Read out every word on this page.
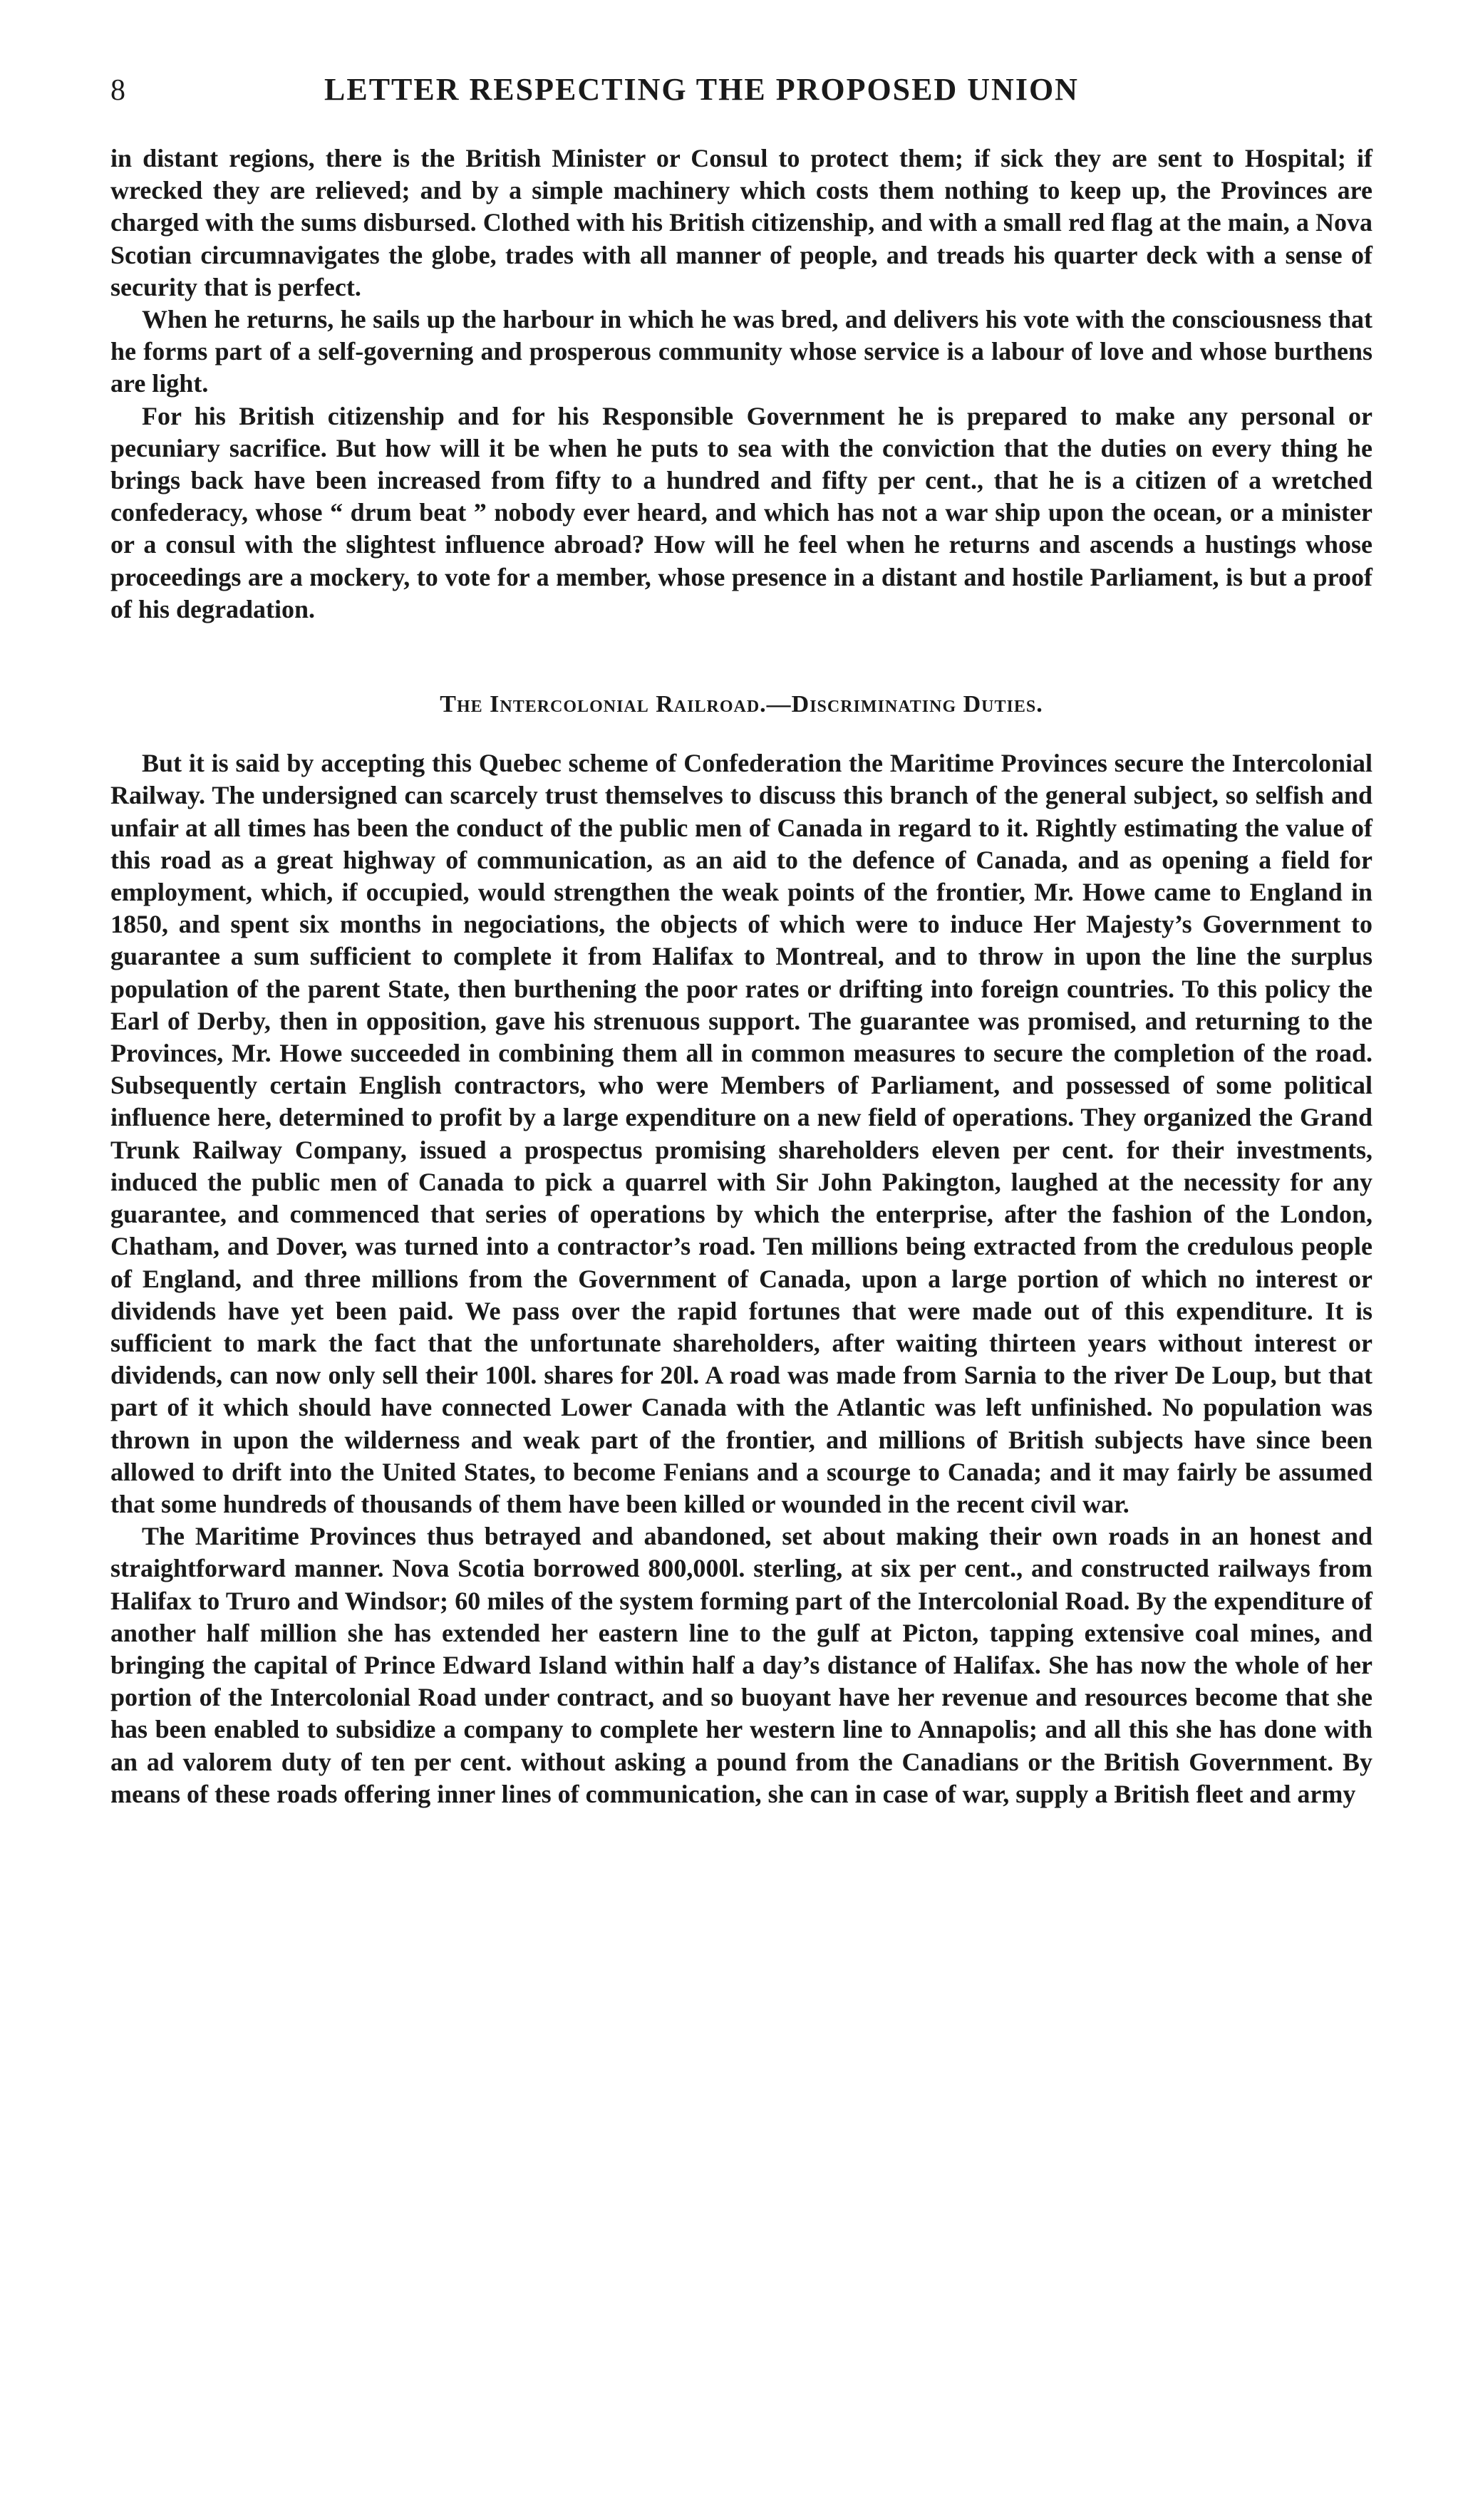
8	LETTER RESPECTING THE PROPOSED UNION

in distant regions, there is the British Minister or Consul to protect them; if sick they are sent to Hospital; if wrecked they are relieved; and by a simple machinery which costs them nothing to keep up, the Provinces are charged with the sums disbursed. Clothed with his British citizenship, and with a small red flag at the main, a Nova Scotian circumnavigates the globe, trades with all manner of people, and treads his quarter deck with a sense of security that is perfect.

When he returns, he sails up the harbour in which he was bred, and delivers his vote with the consciousness that he forms part of a self-governing and prosperous community whose service is a labour of love and whose burthens are light.

For his British citizenship and for his Responsible Government he is prepared to make any personal or pecuniary sacrifice. But how will it be when he puts to sea with the conviction that the duties on every thing he brings back have been increased from fifty to a hundred and fifty per cent., that he is a citizen of a wretched confederacy, whose “ drum beat ” nobody ever heard, and which has not a war ship upon the ocean, or a minister or a consul with the slightest influence abroad? How will he feel when he returns and ascends a hustings whose proceedings are a mockery, to vote for a member, whose presence in a distant and hostile Parliament, is but a proof of his degradation.

The Intercolonial Railroad.—Discriminating Duties.

But it is said by accepting this Quebec scheme of Confederation the Maritime Provinces secure the Intercolonial Railway. The undersigned can scarcely trust themselves to discuss this branch of the general subject, so selfish and unfair at all times has been the conduct of the public men of Canada in regard to it. Rightly estimating the value of this road as a great highway of communication, as an aid to the defence of Canada, and as opening a field for employment, which, if occupied, would strengthen the weak points of the frontier, Mr. Howe came to England in 1850, and spent six months in negociations, the objects of which were to induce Her Majesty’s Government to guarantee a sum sufficient to complete it from Halifax to Montreal, and to throw in upon the line the surplus population of the parent State, then burthening the poor rates or drifting into foreign countries. To this policy the Earl of Derby, then in opposition, gave his strenuous support. The guarantee was promised, and returning to the Provinces, Mr. Howe succeeded in combining them all in common measures to secure the completion of the road. Subsequently certain English contractors, who were Members of Parliament, and possessed of some political influence here, determined to profit by a large expenditure on a new field of operations. They organized the Grand Trunk Railway Company, issued a prospectus promising shareholders eleven per cent. for their investments, induced the public men of Canada to pick a quarrel with Sir John Pakington, laughed at the necessity for any guarantee, and commenced that series of operations by which the enterprise, after the fashion of the London, Chatham, and Dover, was turned into a contractor’s road. Ten millions being extracted from the credulous people of England, and three millions from the Government of Canada, upon a large portion of which no interest or dividends have yet been paid. We pass over the rapid fortunes that were made out of this expenditure. It is sufficient to mark the fact that the unfortunate shareholders, after waiting thirteen years without interest or dividends, can now only sell their 100l. shares for 20l. A road was made from Sarnia to the river De Loup, but that part of it which should have connected Lower Canada with the Atlantic was left unfinished. No population was thrown in upon the wilderness and weak part of the frontier, and millions of British subjects have since been allowed to drift into the United States, to become Fenians and a scourge to Canada; and it may fairly be assumed that some hundreds of thousands of them have been killed or wounded in the recent civil war.

The Maritime Provinces thus betrayed and abandoned, set about making their own roads in an honest and straightforward manner. Nova Scotia borrowed 800,000l. sterling, at six per cent., and constructed railways from Halifax to Truro and Windsor; 60 miles of the system forming part of the Intercolonial Road. By the expenditure of another half million she has extended her eastern line to the gulf at Picton, tapping extensive coal mines, and bringing the capital of Prince Edward Island within half a day’s distance of Halifax. She has now the whole of her portion of the Intercolonial Road under contract, and so buoyant have her revenue and resources become that she has been enabled to subsidize a company to complete her western line to Annapolis; and all this she has done with an ad valorem duty of ten per cent. without asking a pound from the Canadians or the British Government. By means of these roads offering inner lines of communication, she can in case of war, supply a British fleet and army
